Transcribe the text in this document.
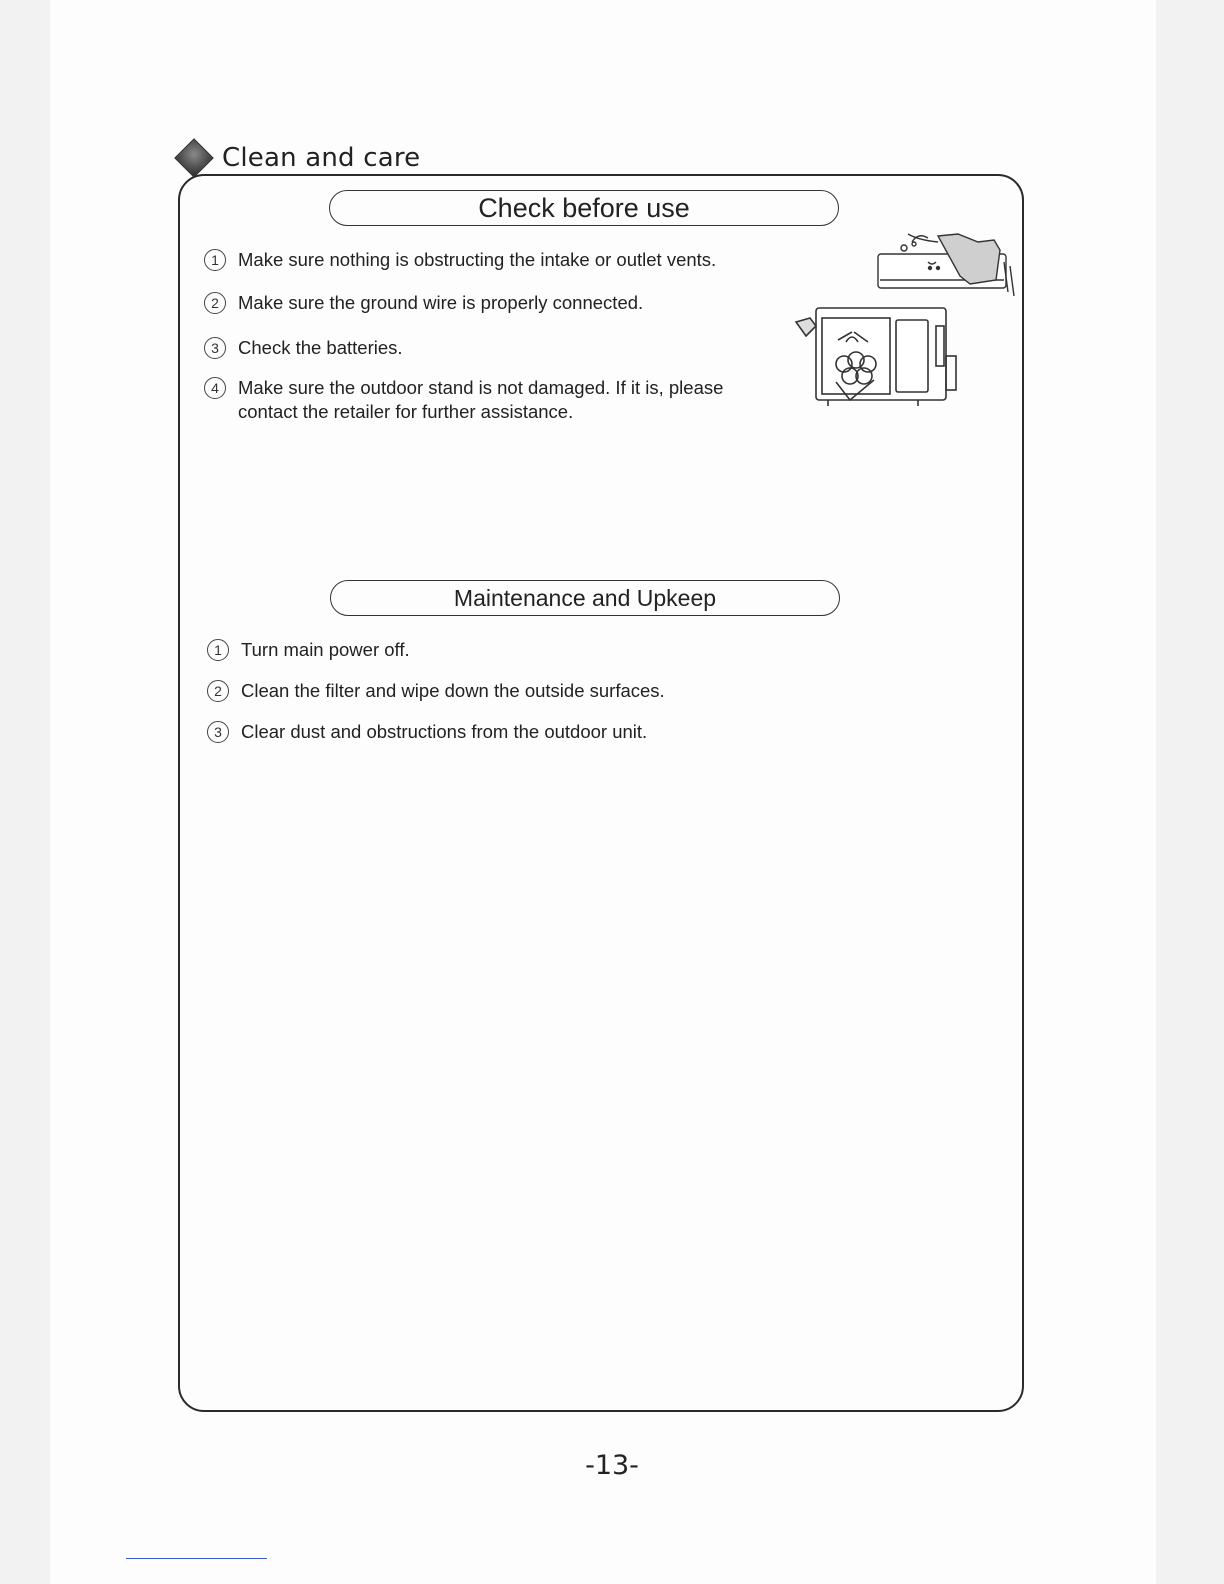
Clean and care
Check before use
1	Make sure nothing is obstructing the intake or outlet vents.
2	Make sure the ground wire is properly connected.
3	Check the batteries.
4	Make sure the outdoor stand is not damaged. If it is, please contact the retailer for further assistance.
Maintenance and Upkeep
1	Turn main power off.
2	Clean the filter and wipe down the outside surfaces.
3	Clear dust and obstructions from the outdoor unit.
-13-
